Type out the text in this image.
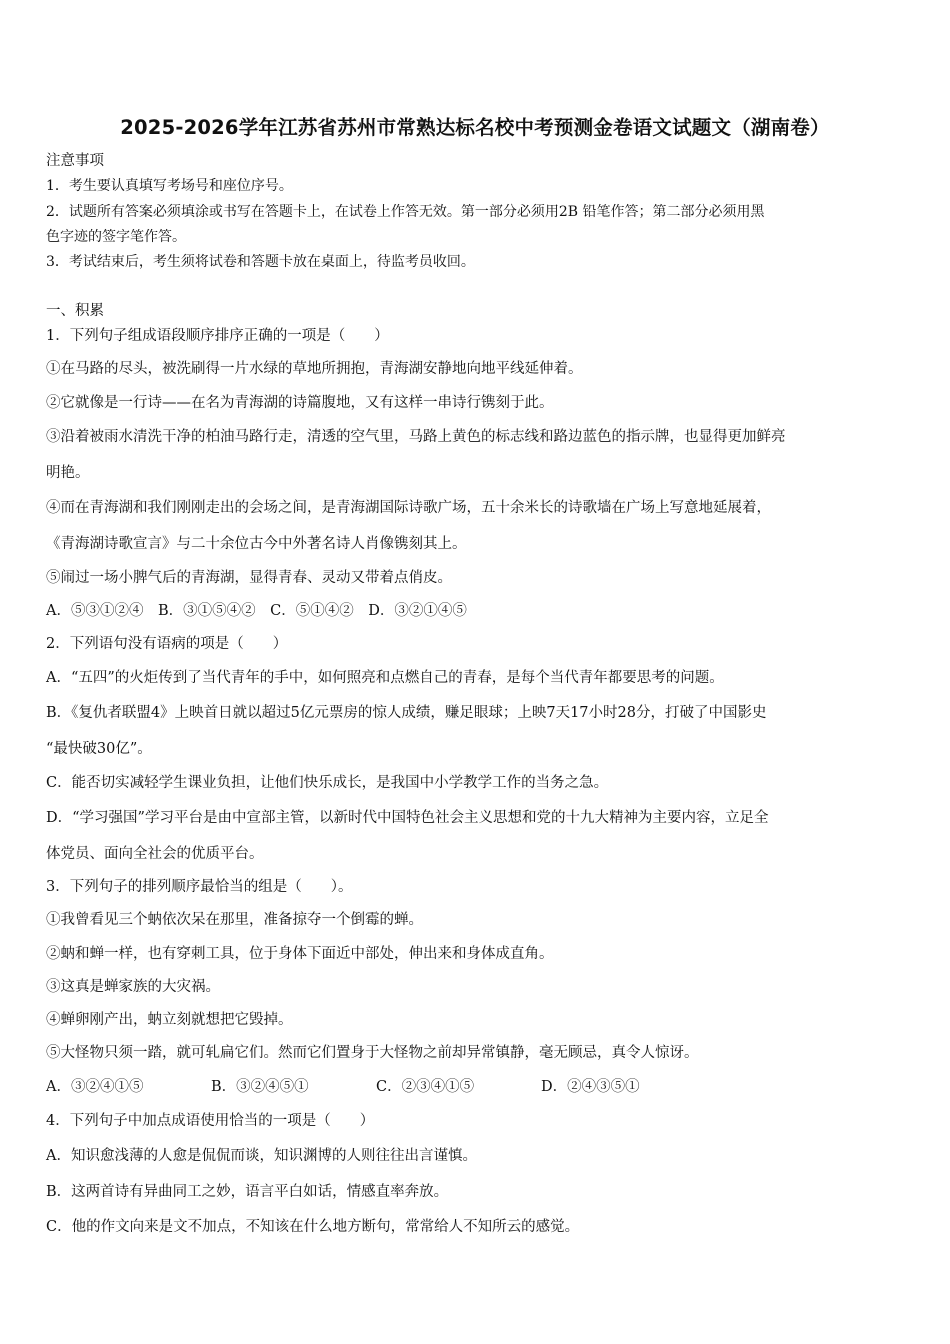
2025-2026学年江苏省苏州市常熟达标名校中考预测金卷语文试题文（湖南卷）
注意事项
1．考生要认真填写考场号和座位序号。
2．试题所有答案必须填涂或书写在答题卡上，在试卷上作答无效。第一部分必须用2B 铅笔作答；第二部分必须用黑
色字迹的签字笔作答。
3．考试结束后，考生须将试卷和答题卡放在桌面上，待监考员收回。
一、积累
1．下列句子组成语段顺序排序正确的一项是（　　）
①在马路的尽头，被洗刷得一片水绿的草地所拥抱，青海湖安静地向地平线延伸着。
②它就像是一行诗——在名为青海湖的诗篇腹地，又有这样一串诗行镌刻于此。
③沿着被雨水清洗干净的柏油马路行走，清透的空气里，马路上黄色的标志线和路边蓝色的指示牌，也显得更加鲜亮
明艳。
④而在青海湖和我们刚刚走出的会场之间，是青海湖国际诗歌广场，五十余米长的诗歌墙在广场上写意地延展着，
《青海湖诗歌宣言》与二十余位古今中外著名诗人肖像镌刻其上。
⑤闹过一场小脾气后的青海湖，显得青春、灵动又带着点俏皮。
A．⑤③①②④　B．③①⑤④②　C．⑤①④②　D．③②①④⑤
2．下列语句没有语病的项是（　　）
A．“五四”的火炬传到了当代青年的手中，如何照亮和点燃自己的青春，是每个当代青年都要思考的问题。
B．《复仇者联盟4》上映首日就以超过5亿元票房的惊人成绩，赚足眼球；上映7天17小时28分，打破了中国影史
“最快破30亿”。
C．能否切实减轻学生课业负担，让他们快乐成长，是我国中小学教学工作的当务之急。
D．“学习强国”学习平台是由中宣部主管，以新时代中国特色社会主义思想和党的十九大精神为主要内容，立足全
体党员、面向全社会的优质平台。
3．下列句子的排列顺序最恰当的组是（　　）。
①我曾看见三个蚋依次呆在那里，准备掠夺一个倒霉的蝉。
②蚋和蝉一样，也有穿刺工具，位于身体下面近中部处，伸出来和身体成直角。
③这真是蝉家族的大灾祸。
④蝉卵刚产出，蚋立刻就想把它毁掉。
⑤大怪物只须一踏，就可轧扁它们。然而它们置身于大怪物之前却异常镇静，毫无顾忌，真令人惊讶。
A．③②④①⑤	B．③②④⑤①	C．②③④①⑤	D．②④③⑤①
4．下列句子中加点成语使用恰当的一项是（　　）
A．知识愈浅薄的人愈是侃侃而谈，知识渊博的人则往往出言谨慎。
B．这两首诗有异曲同工之妙，语言平白如话，情感直率奔放。
C．他的作文向来是文不加点，不知该在什么地方断句，常常给人不知所云的感觉。
